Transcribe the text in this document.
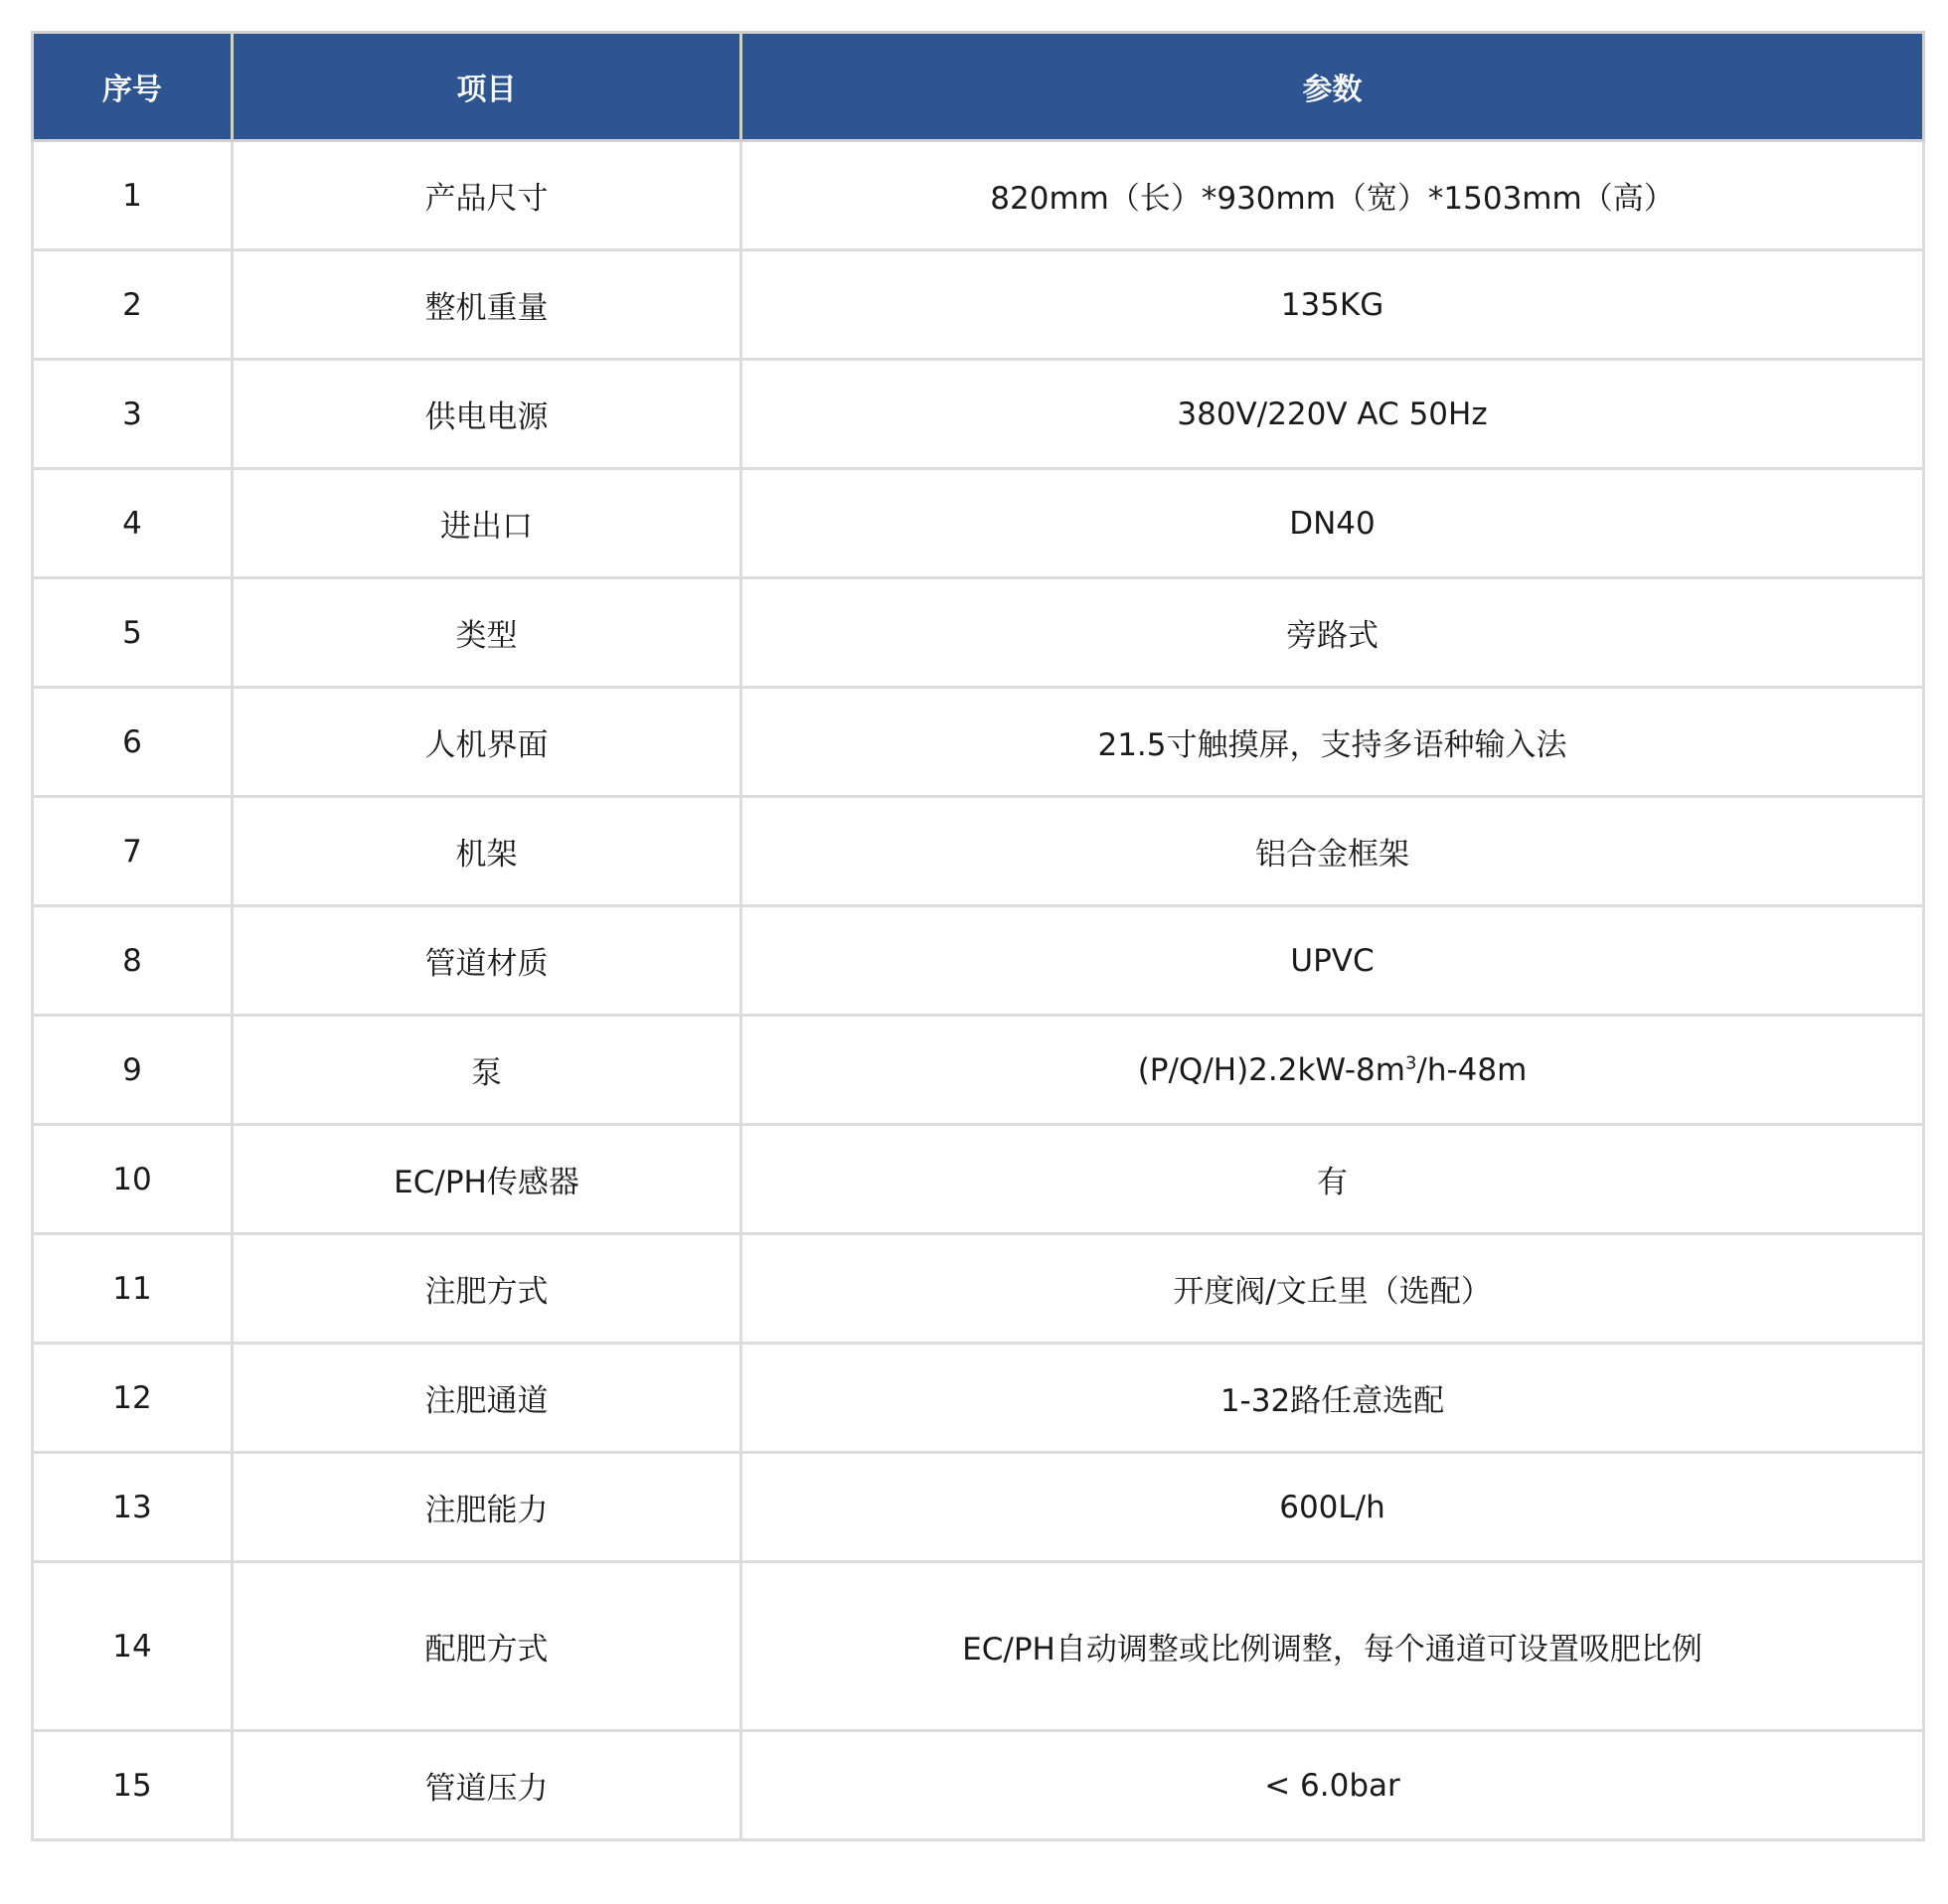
序号	项目	参数
1	产品尺寸	820mm（长）*930mm（宽）*1503mm（高）
2	整机重量	135KG
3	供电电源	380V/220V AC 50Hz
4	进出口	DN40
5	类型	旁路式
6	人机界面	21.5寸触摸屏，支持多语种输入法
7	机架	铝合金框架
8	管道材质	UPVC
9	泵	$(P/Q/H)2.2kW-8m^3/h-48m$
10	EC/PH传感器	有
11	注肥方式	开度阀/文丘里（选配）
12	注肥通道	1-32路任意选配
13	注肥能力	600L/h
14	配肥方式	EC/PH自动调整或比例调整，每个通道可设置吸肥比例
15	管道压力	< 6.0bar
